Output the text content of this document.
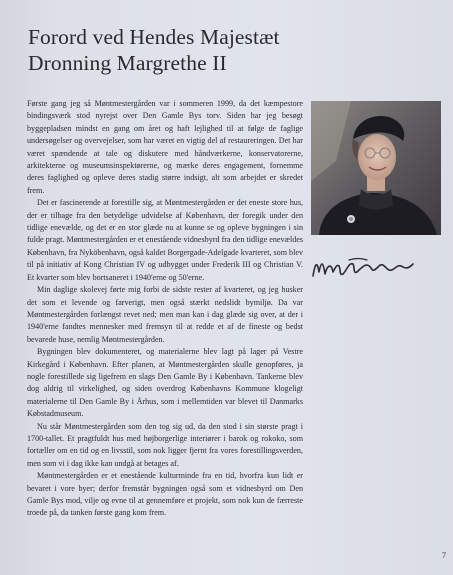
Forord ved Hendes Majestæt
Dronning Margrethe II

Første gang jeg så Møntmestergården var i sommeren 1999, da det kæmpestore bindingsværk stod nyrejst over Den Gamle Bys torv. Siden har jeg besøgt byggepladsen mindst en gang om året og haft lejlighed til at følge de faglige undersøgelser og overvejelser, som har været en vigtig del af restaureringen. Det har været spændende at tale og diskutere med håndværkerne, konservatorerne, arkitekterne og museumsinspektørerne, og mærke deres engagement, fornemme deres faglighed og opleve deres stadig større indsigt, alt som arbejdet er skredet frem.

Det er fascinerende at forestille sig, at Møntmestergården er det eneste store hus, der er tilbage fra den betydelige udvidelse af København, der foregik under den tidlige enevælde, og det er en stor glæde nu at kunne se og opleve bygningen i sin fulde pragt. Møntmestergården er et enestående vidnesbyrd fra den tidlige enevældes København, fra Nyköbenhavn, også kaldet Borgergade-Adelgade kvarteret, som blev til på initiativ af Kong Christian IV og udbygget under Frederik III og Christian V. Et kvarter som blev bortsaneret i 1940'erne og 50'erne.

Min daglige skolevej førte mig forbi de sidste rester af kvarteret, og jeg husker det som et levende og farverigt, men også stærkt nedslidt bymiljø. Da var Møntmestergården forlængst revet ned; men man kan i dag glæde sig over, at der i 1940'erne fandtes mennesker med fremsyn til at redde et af de fineste og bedst bevarede huse, nemlig Møntmestergården.

Bygningen blev dokumenteret, og materialerne blev lagt på lager på Vestre Kirkegård i København. Efter planen, at Møntmestergården skulle genopføres, ja nogle forestillede sig ligefrem en slags Den Gamle By i København. Tankerne blev dog aldrig til virkelighed, og siden overdrog Københavns Kommune klogeligt materialerne til Den Gamle By i Århus, som i mellemtiden var blevet til Danmarks Købstadmuseum.

Nu står Møntmestergården som den tog sig ud, da den stod i sin største pragt i 1700-tallet. Et pragtfuldt hus med højborgerlige interiører i barok og rokoko, som fortæller om en tid og en livsstil, som nok ligger fjernt fra vores forestillingsverden, men som vi i dag ikke kan undgå at betages af.

Møntmestergården er et enestående kulturminde fra en tid, hvorfra kun lidt er bevaret i vore byer; derfor fremstår bygningen også som et vidnesbyrd om Den Gamle Bys mod, vilje og evne til at gennemføre et projekt, som nok kun de færreste troede på, da tanken første gang kom frem.

7
